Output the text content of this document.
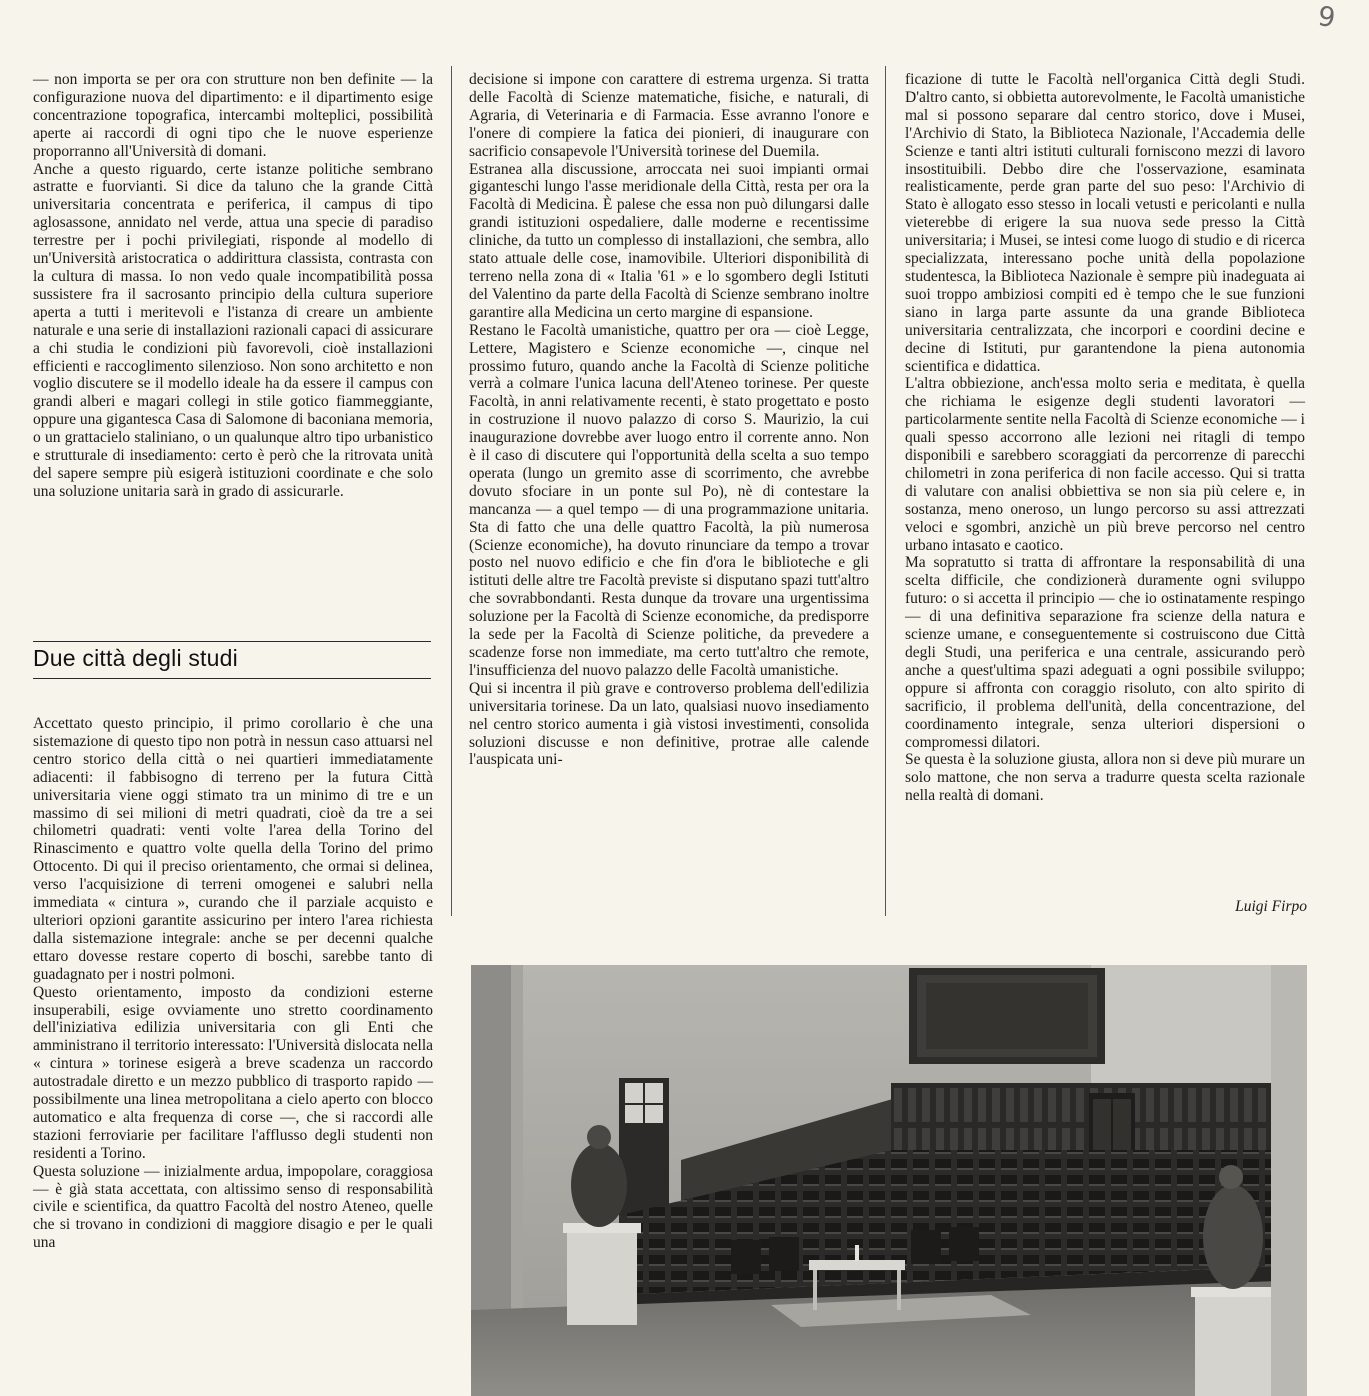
9

— non importa se per ora con strutture non ben definite — la configurazione nuova del dipartimento: e il dipartimento esige concentrazione topografica, intercambi molteplici, possibilità aperte ai raccordi di ogni tipo che le nuove esperienze proporranno all'Università di domani.

Anche a questo riguardo, certe istanze politiche sembrano astratte e fuorvianti. Si dice da taluno che la grande Città universitaria concentrata e periferica, il campus di tipo aglosassone, annidato nel verde, attua una specie di paradiso terrestre per i pochi privilegiati, risponde al modello di un'Università aristocratica o addirittura classista, contrasta con la cultura di massa. Io non vedo quale incompatibilità possa sussistere fra il sacrosanto principio della cultura superiore aperta a tutti i meritevoli e l'istanza di creare un ambiente naturale e una serie di installazioni razionali capaci di assicurare a chi studia le condizioni più favorevoli, cioè installazioni efficienti e raccoglimento silenzioso. Non sono architetto e non voglio discutere se il modello ideale ha da essere il campus con grandi alberi e magari collegi in stile gotico fiammeggiante, oppure una gigantesca Casa di Salomone di baconiana memoria, o un grattacielo staliniano, o un qualunque altro tipo urbanistico e strutturale di insediamento: certo è però che la ritrovata unità del sapere sempre più esigerà istituzioni coordinate e che solo una soluzione unitaria sarà in grado di assicurarle.

Due città degli studi

Accettato questo principio, il primo corollario è che una sistemazione di questo tipo non potrà in nessun caso attuarsi nel centro storico della città o nei quartieri immediatamente adiacenti: il fabbisogno di terreno per la futura Città universitaria viene oggi stimato tra un minimo di tre e un massimo di sei milioni di metri quadrati, cioè da tre a sei chilometri quadrati: venti volte l'area della Torino del Rinascimento e quattro volte quella della Torino del primo Ottocento. Di qui il preciso orientamento, che ormai si delinea, verso l'acquisizione di terreni omogenei e salubri nella immediata « cintura », curando che il parziale acquisto e ulteriori opzioni garantite assicurino per intero l'area richiesta dalla sistemazione integrale: anche se per decenni qualche ettaro dovesse restare coperto di boschi, sarebbe tanto di guadagnato per i nostri polmoni.

Questo orientamento, imposto da condizioni esterne insuperabili, esige ovviamente uno stretto coordinamento dell'iniziativa edilizia universitaria con gli Enti che amministrano il territorio interessato: l'Università dislocata nella « cintura » torinese esigerà a breve scadenza un raccordo autostradale diretto e un mezzo pubblico di trasporto rapido — possibilmente una linea metropolitana a cielo aperto con blocco automatico e alta frequenza di corse —, che si raccordi alle stazioni ferroviarie per facilitare l'afflusso degli studenti non residenti a Torino.

Questa soluzione — inizialmente ardua, impopolare, coraggiosa — è già stata accettata, con altissimo senso di responsabilità civile e scientifica, da quattro Facoltà del nostro Ateneo, quelle che si trovano in condizioni di maggiore disagio e per le quali una

decisione si impone con carattere di estrema urgenza. Si tratta delle Facoltà di Scienze matematiche, fisiche, e naturali, di Agraria, di Veterinaria e di Farmacia. Esse avranno l'onore e l'onere di compiere la fatica dei pionieri, di inaugurare con sacrificio consapevole l'Università torinese del Duemila.

Estranea alla discussione, arroccata nei suoi impianti ormai giganteschi lungo l'asse meridionale della Città, resta per ora la Facoltà di Medicina. È palese che essa non può dilungarsi dalle grandi istituzioni ospedaliere, dalle moderne e recentissime cliniche, da tutto un complesso di installazioni, che sembra, allo stato attuale delle cose, inamovibile. Ulteriori disponibilità di terreno nella zona di « Italia '61 » e lo sgombero degli Istituti del Valentino da parte della Facoltà di Scienze sembrano inoltre garantire alla Medicina un certo margine di espansione.

Restano le Facoltà umanistiche, quattro per ora — cioè Legge, Lettere, Magistero e Scienze economiche —, cinque nel prossimo futuro, quando anche la Facoltà di Scienze politiche verrà a colmare l'unica lacuna dell'Ateneo torinese. Per queste Facoltà, in anni relativamente recenti, è stato progettato e posto in costruzione il nuovo palazzo di corso S. Maurizio, la cui inaugurazione dovrebbe aver luogo entro il corrente anno. Non è il caso di discutere qui l'opportunità della scelta a suo tempo operata (lungo un gremito asse di scorrimento, che avrebbe dovuto sfociare in un ponte sul Po), nè di contestare la mancanza — a quel tempo — di una programmazione unitaria. Sta di fatto che una delle quattro Facoltà, la più numerosa (Scienze economiche), ha dovuto rinunciare da tempo a trovar posto nel nuovo edificio e che fin d'ora le biblioteche e gli istituti delle altre tre Facoltà previste si disputano spazi tutt'altro che sovrabbondanti. Resta dunque da trovare una urgentissima soluzione per la Facoltà di Scienze economiche, da predisporre la sede per la Facoltà di Scienze politiche, da prevedere a scadenze forse non immediate, ma certo tutt'altro che remote, l'insufficienza del nuovo palazzo delle Facoltà umanistiche.

Qui si incentra il più grave e controverso problema dell'edilizia universitaria torinese. Da un lato, qualsiasi nuovo insediamento nel centro storico aumenta i già vistosi investimenti, consolida soluzioni discusse e non definitive, protrae alle calende l'auspicata uni-

ficazione di tutte le Facoltà nell'organica Città degli Studi. D'altro canto, si obbietta autorevolmente, le Facoltà umanistiche mal si possono separare dal centro storico, dove i Musei, l'Archivio di Stato, la Biblioteca Nazionale, l'Accademia delle Scienze e tanti altri istituti culturali forniscono mezzi di lavoro insostituibili. Debbo dire che l'osservazione, esaminata realisticamente, perde gran parte del suo peso: l'Archivio di Stato è allogato esso stesso in locali vetusti e pericolanti e nulla vieterebbe di erigere la sua nuova sede presso la Città universitaria; i Musei, se intesi come luogo di studio e di ricerca specializzata, interessano poche unità della popolazione studentesca, la Biblioteca Nazionale è sempre più inadeguata ai suoi troppo ambiziosi compiti ed è tempo che le sue funzioni siano in larga parte assunte da una grande Biblioteca universitaria centralizzata, che incorpori e coordini decine e decine di Istituti, pur garantendone la piena autonomia scientifica e didattica.

L'altra obbiezione, anch'essa molto seria e meditata, è quella che richiama le esigenze degli studenti lavoratori — particolarmente sentite nella Facoltà di Scienze economiche — i quali spesso accorrono alle lezioni nei ritagli di tempo disponibili e sarebbero scoraggiati da percorrenze di parecchi chilometri in zona periferica di non facile accesso. Qui si tratta di valutare con analisi obbiettiva se non sia più celere e, in sostanza, meno oneroso, un lungo percorso su assi attrezzati veloci e sgombri, anzichè un più breve percorso nel centro urbano intasato e caotico.

Ma sopratutto si tratta di affrontare la responsabilità di una scelta difficile, che condizionerà duramente ogni sviluppo futuro: o si accetta il principio — che io ostinatamente respingo — di una definitiva separazione fra scienze della natura e scienze umane, e conseguentemente si costruiscono due Città degli Studi, una periferica e una centrale, assicurando però anche a quest'ultima spazi adeguati a ogni possibile sviluppo; oppure si affronta con coraggio risoluto, con alto spirito di sacrificio, il problema dell'unità, della concentrazione, del coordinamento integrale, senza ulteriori dispersioni o compromessi dilatori.

Se questa è la soluzione giusta, allora non si deve più murare un solo mattone, che non serva a tradurre questa scelta razionale nella realtà di domani.

Luigi Firpo
